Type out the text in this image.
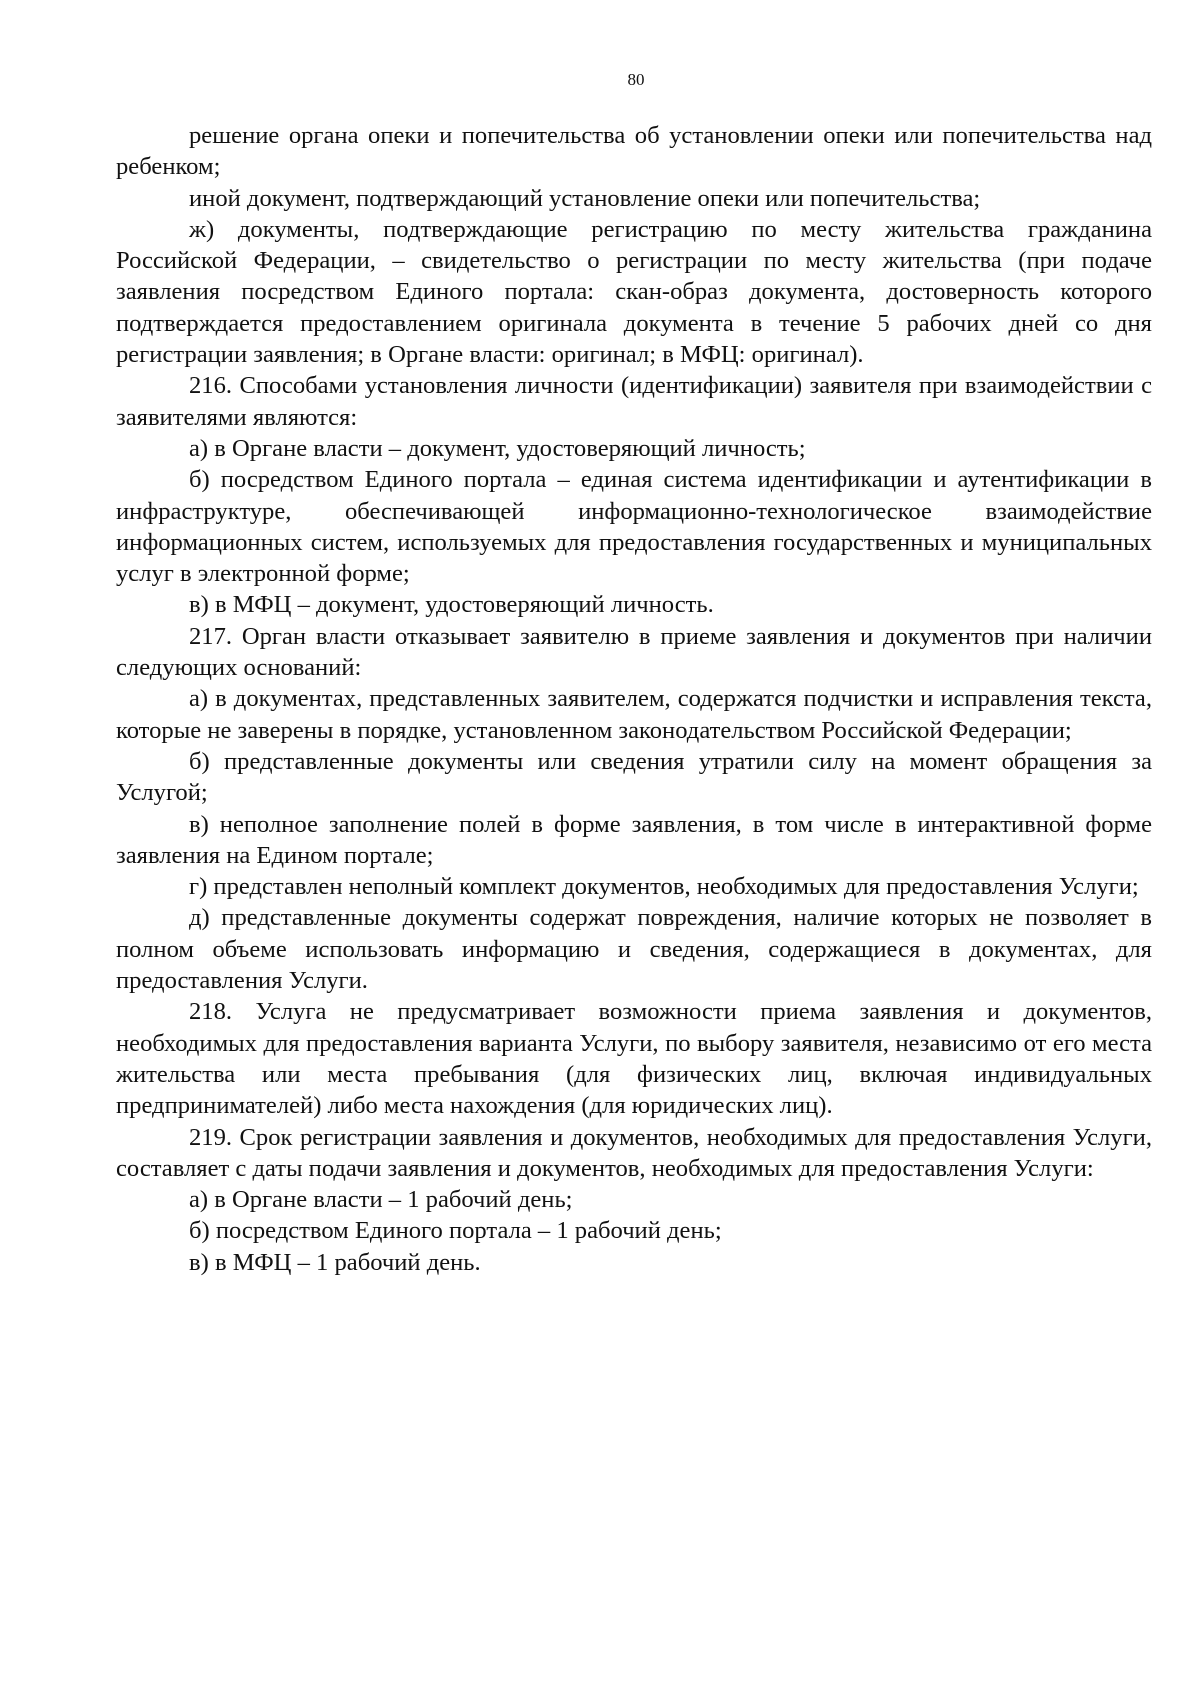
80

решение органа опеки и попечительства об установлении опеки или попечительства над ребенком;

иной документ, подтверждающий установление опеки или попечительства;

ж) документы, подтверждающие регистрацию по месту жительства гражданина Российской Федерации, – свидетельство о регистрации по месту жительства (при подаче заявления посредством Единого портала: скан-образ документа, достоверность которого подтверждается предоставлением оригинала документа в течение 5 рабочих дней со дня регистрации заявления; в Органе власти: оригинал; в МФЦ: оригинал).

216. Способами установления личности (идентификации) заявителя при взаимодействии с заявителями являются:

а) в Органе власти – документ, удостоверяющий личность;

б) посредством Единого портала – единая система идентификации и аутентификации в инфраструктуре, обеспечивающей информационно-технологическое взаимодействие информационных систем, используемых для предоставления государственных и муниципальных услуг в электронной форме;

в) в МФЦ – документ, удостоверяющий личность.

217. Орган власти отказывает заявителю в приеме заявления и документов при наличии следующих оснований:

а) в документах, представленных заявителем, содержатся подчистки и исправления текста, которые не заверены в порядке, установленном законодательством Российской Федерации;

б) представленные документы или сведения утратили силу на момент обращения за Услугой;

в) неполное заполнение полей в форме заявления, в том числе в интерактивной форме заявления на Едином портале;

г) представлен неполный комплект документов, необходимых для предоставления Услуги;

д) представленные документы содержат повреждения, наличие которых не позволяет в полном объеме использовать информацию и сведения, содержащиеся в документах, для предоставления Услуги.

218. Услуга не предусматривает возможности приема заявления и документов, необходимых для предоставления варианта Услуги, по выбору заявителя, независимо от его места жительства или места пребывания (для физических лиц, включая индивидуальных предпринимателей) либо места нахождения (для юридических лиц).

219. Срок регистрации заявления и документов, необходимых для предоставления Услуги, составляет с даты подачи заявления и документов, необходимых для предоставления Услуги:

а) в Органе власти – 1 рабочий день;

б) посредством Единого портала – 1 рабочий день;

в) в МФЦ – 1 рабочий день.
